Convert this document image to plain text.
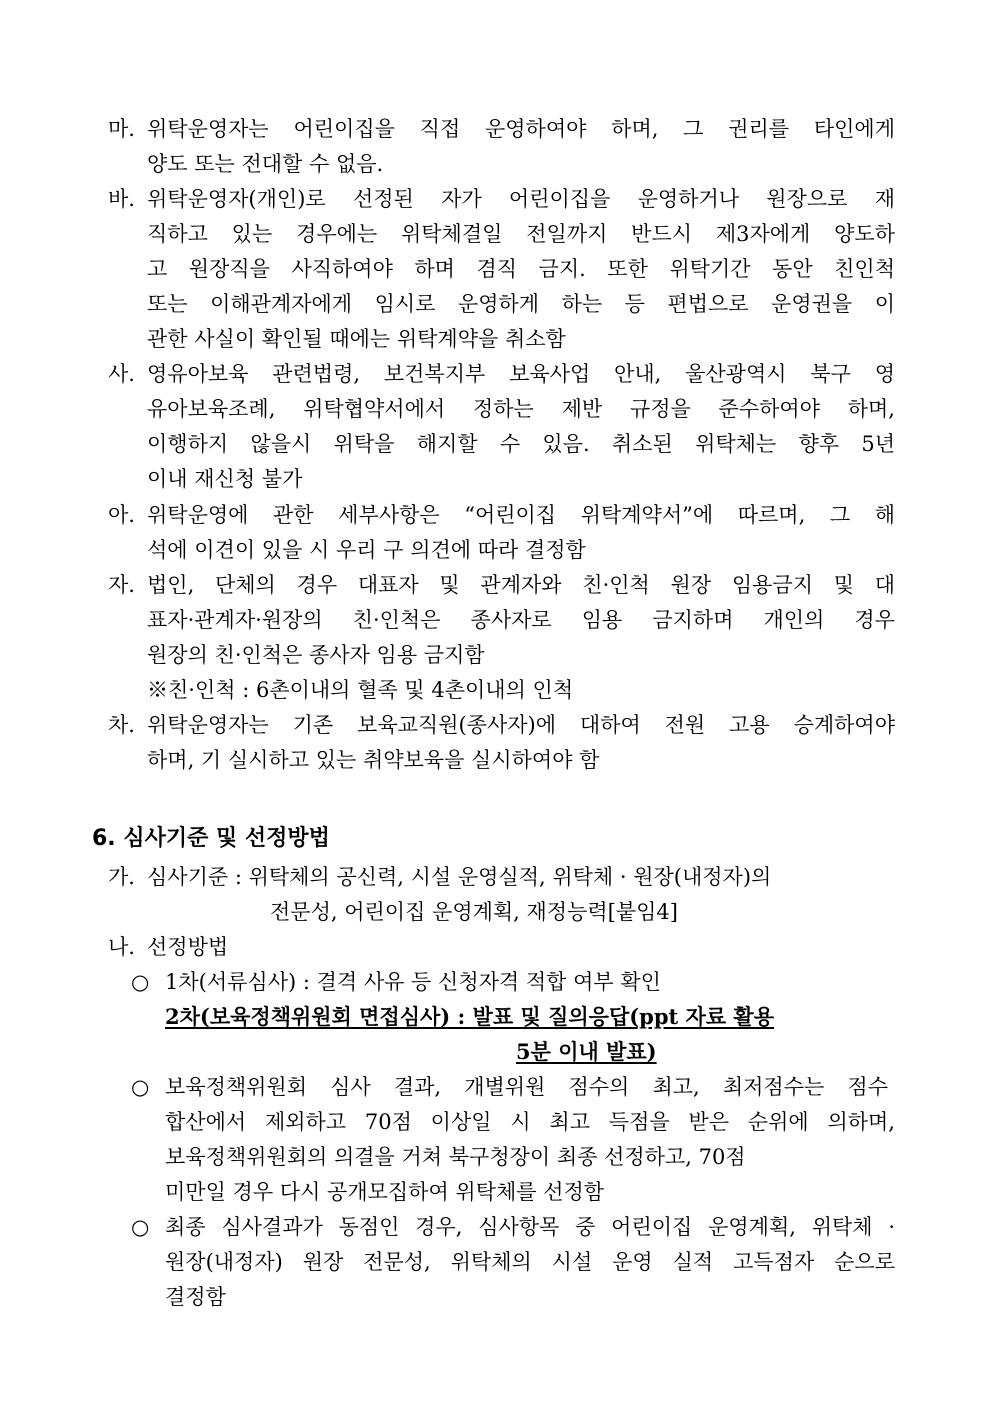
마. 위탁운영자는 어린이집을 직접 운영하여야 하며, 그 권리를 타인에게
양도 또는 전대할 수 없음.
바. 위탁운영자(개인)로 선정된 자가 어린이집을 운영하거나 원장으로 재
직하고 있는 경우에는 위탁체결일 전일까지 반드시 제3자에게 양도하
고 원장직을 사직하여야 하며 겸직 금지. 또한 위탁기간 동안 친인척
또는 이해관계자에게 임시로 운영하게 하는 등 편법으로 운영권을 이
관한 사실이 확인될 때에는 위탁계약을 취소함
사. 영유아보육 관련법령, 보건복지부 보육사업 안내, 울산광역시 북구 영
유아보육조례, 위탁협약서에서 정하는 제반 규정을 준수하여야 하며,
이행하지 않을시 위탁을 해지할 수 있음. 취소된 위탁체는 향후 5년
이내 재신청 불가
아. 위탁운영에 관한 세부사항은 “어린이집 위탁계약서”에 따르며, 그 해
석에 이견이 있을 시 우리 구 의견에 따라 결정함
자. 법인, 단체의 경우 대표자 및 관계자와 친·인척 원장 임용금지 및 대
표자·관계자·원장의 친·인척은 종사자로 임용 금지하며 개인의 경우
원장의 친·인척은 종사자 임용 금지함
※친·인척 : 6촌이내의 혈족 및 4촌이내의 인척
차. 위탁운영자는 기존 보육교직원(종사자)에 대하여 전원 고용 승계하여야
하며, 기 실시하고 있는 취약보육을 실시하여야 함
6. 심사기준 및 선정방법
가. 심사기준 : 위탁체의 공신력, 시설 운영실적, 위탁체 · 원장(내정자)의
전문성, 어린이집 운영계획, 재정능력[붙임4]
나. 선정방법
○ 1차(서류심사) : 결격 사유 등 신청자격 적합 여부 확인
2차(보육정책위원회 면접심사) : 발표 및 질의응답(ppt 자료 활용
5분 이내 발표)
○ 보육정책위원회 심사 결과, 개별위원 점수의 최고, 최저점수는 점수
합산에서 제외하고 70점 이상일 시 최고 득점을 받은 순위에 의하며,
보육정책위원회의 의결을 거쳐 북구청장이 최종 선정하고, 70점
미만일 경우 다시 공개모집하여 위탁체를 선정함
○ 최종 심사결과가 동점인 경우, 심사항목 중 어린이집 운영계획, 위탁체 ·
원장(내정자) 원장 전문성, 위탁체의 시설 운영 실적 고득점자 순으로
결정함
